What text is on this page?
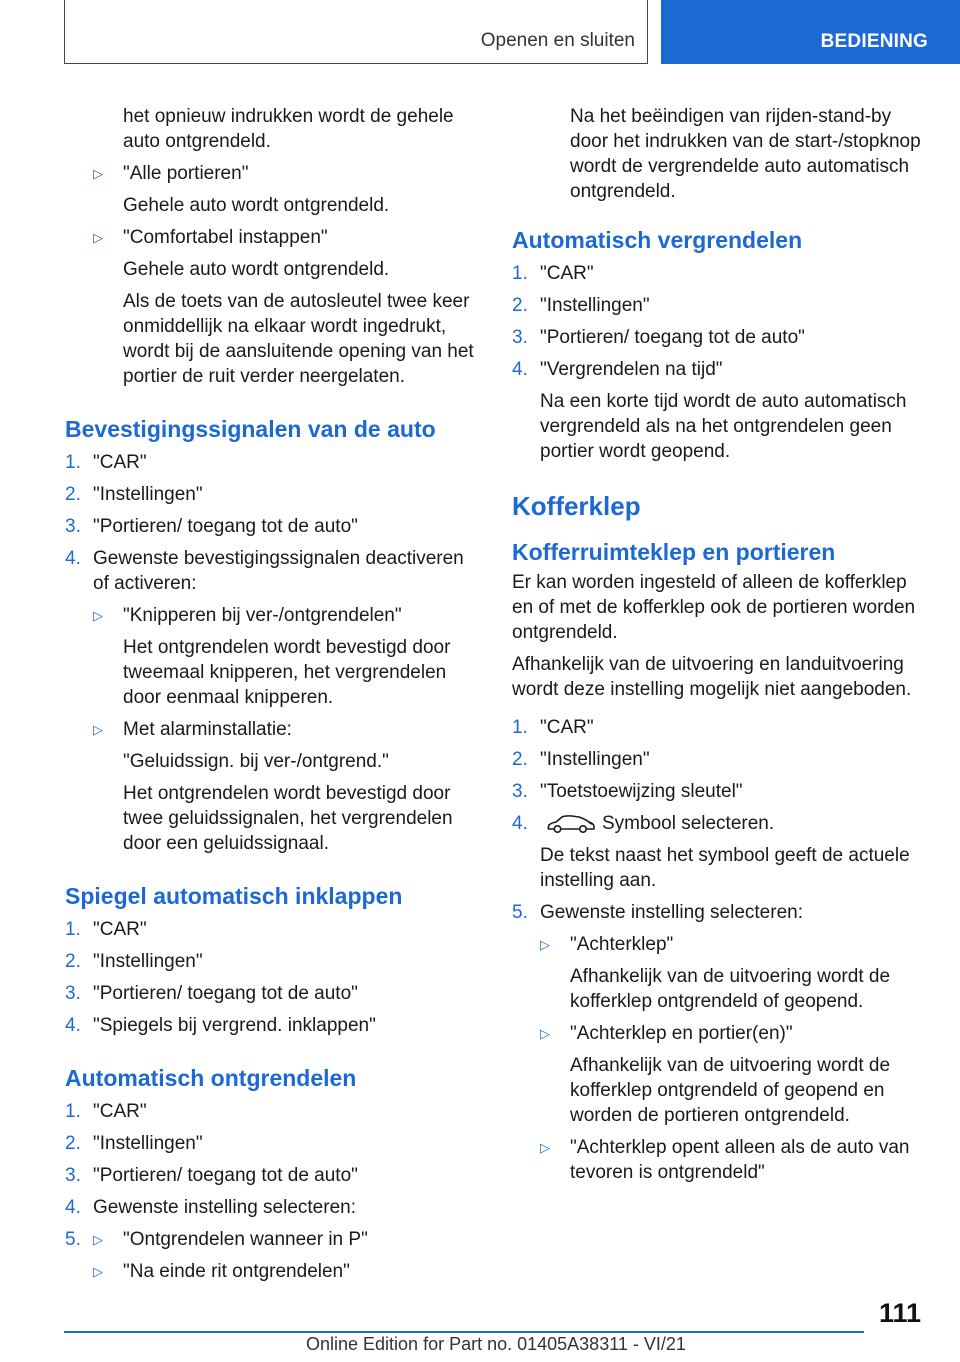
Openen en sluiten	BEDIENING

het opnieuw indrukken wordt de gehele auto ontgrendeld.

▷	"Alle portieren"

Gehele auto wordt ontgrendeld.

▷	"Comfortabel instappen"

Gehele auto wordt ontgrendeld.

Als de toets van de autosleutel twee keer onmiddellijk na elkaar wordt ingedrukt, wordt bij de aansluitende opening van het portier de ruit verder neergelaten.

Bevestigingssignalen van de auto
1. "CAR"
2. "Instellingen"
3. "Portieren/ toegang tot de auto"
4. Gewenste bevestigingssignalen deactiveren of activeren:
▷	"Knipperen bij ver-/ontgrendelen"

Het ontgrendelen wordt bevestigd door tweemaal knipperen, het vergrendelen door eenmaal knipperen.

▷	Met alarminstallatie:

"Geluidssign. bij ver-/ontgrend."

Het ontgrendelen wordt bevestigd door twee geluidssignalen, het vergrendelen door een geluidssignaal.

Spiegel automatisch inklappen
1. "CAR"
2. "Instellingen"
3. "Portieren/ toegang tot de auto"
4. "Spiegels bij vergrend. inklappen"
Automatisch ontgrendelen
1. "CAR"
2. "Instellingen"
3. "Portieren/ toegang tot de auto"
4. Gewenste instelling selecteren:
5. ▷	"Ontgrendelen wanneer in P"
▷	"Na einde rit ontgrendelen"

Na het beëindigen van rijden-stand-by door het indrukken van de start-/stopknop wordt de vergrendelde auto automatisch ontgrendeld.

Automatisch vergrendelen
1. "CAR"
2. "Instellingen"
3. "Portieren/ toegang tot de auto"
4. "Vergrendelen na tijd"

Na een korte tijd wordt de auto automatisch vergrendeld als na het ontgrendelen geen portier wordt geopend.

Kofferklep
Kofferruimteklep en portieren

Er kan worden ingesteld of alleen de kofferklep en of met de kofferklep ook de portieren worden ontgrendeld.

Afhankelijk van de uitvoering en landuitvoering wordt deze instelling mogelijk niet aangeboden.

1. "CAR"
2. "Instellingen"
3. "Toetstoewijzing sleutel"
4.	Symbool selecteren.

De tekst naast het symbool geeft de actuele instelling aan.

5. Gewenste instelling selecteren:
▷	"Achterklep"

Afhankelijk van de uitvoering wordt de kofferklep ontgrendeld of geopend.

▷	"Achterklep en portier(en)"

Afhankelijk van de uitvoering wordt de kofferklep ontgrendeld of geopend en worden de portieren ontgrendeld.

▷	"Achterklep opent alleen als de auto van tevoren is ontgrendeld"
111
Online Edition for Part no. 01405A38311 - VI/21
